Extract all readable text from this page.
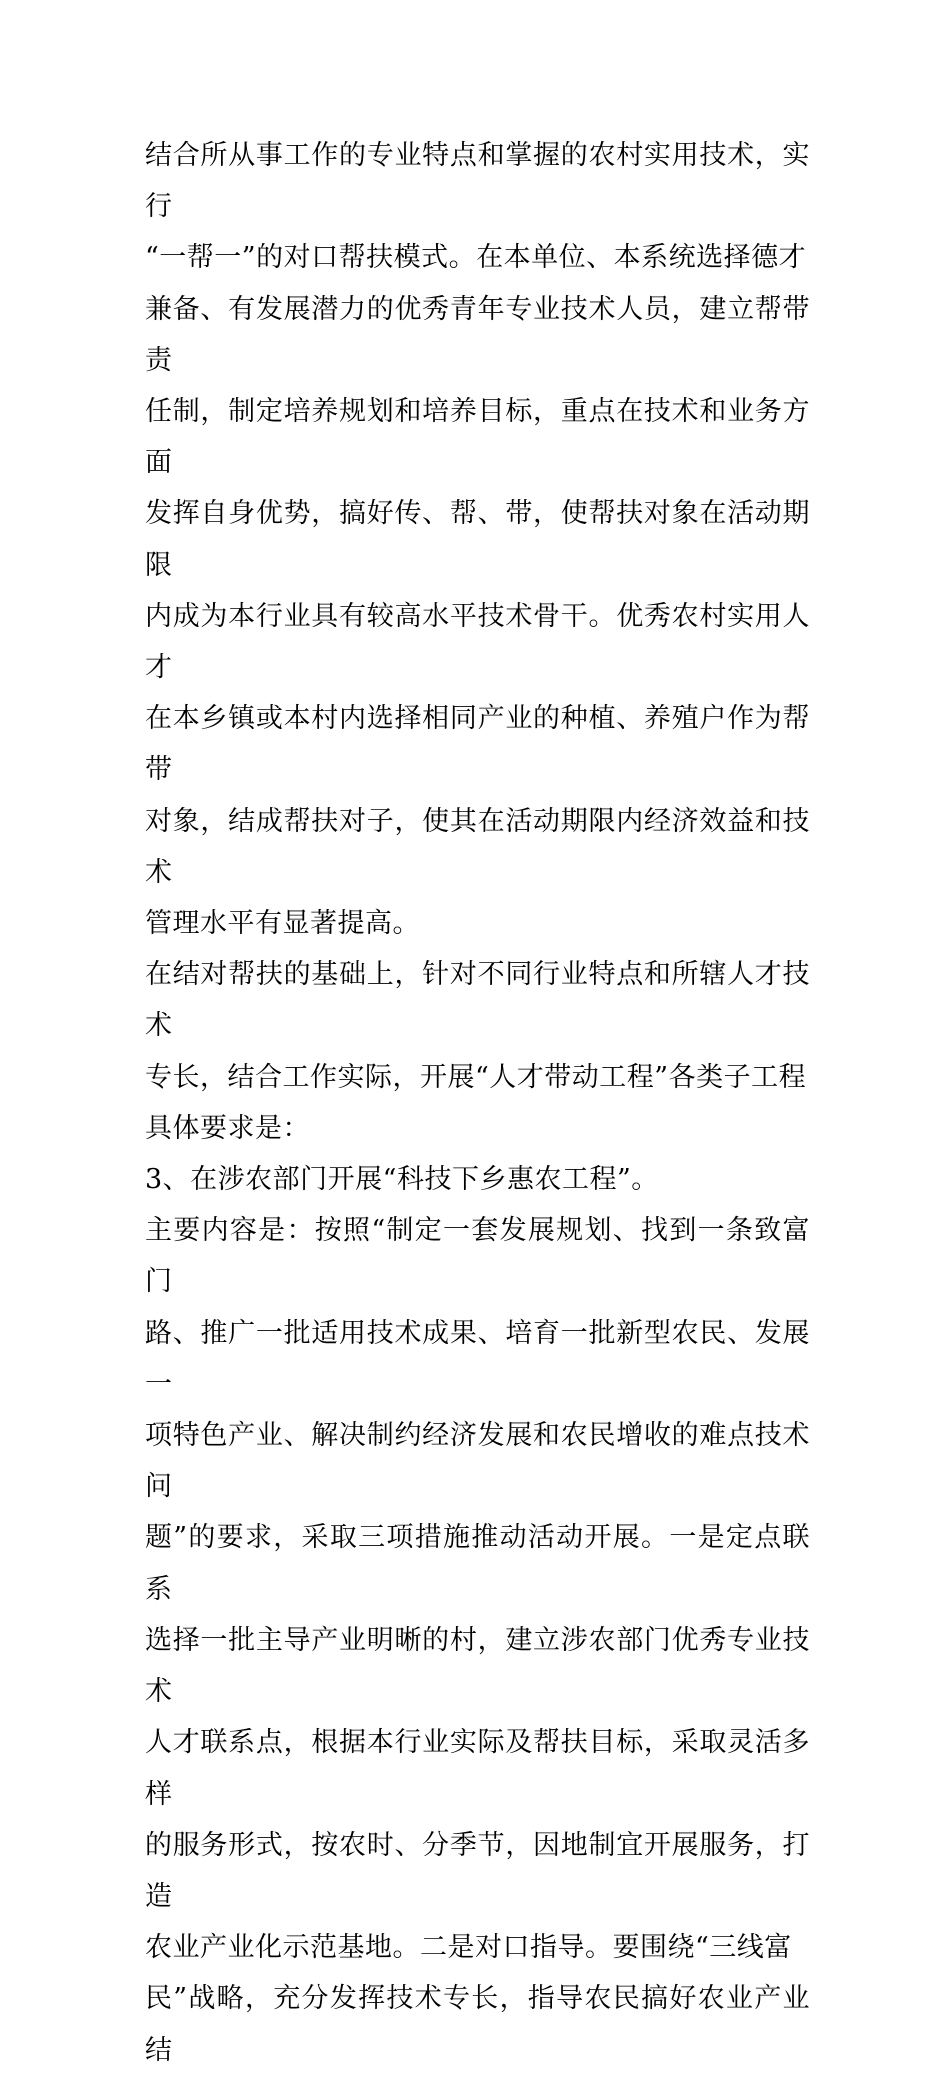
结合所从事工作的专业特点和掌握的农村实用技术，实行
“一帮一”的对口帮扶模式。在本单位、本系统选择德才
兼备、有发展潜力的优秀青年专业技术人员，建立帮带责
任制，制定培养规划和培养目标，重点在技术和业务方面
发挥自身优势，搞好传、帮、带，使帮扶对象在活动期限
内成为本行业具有较高水平技术骨干。优秀农村实用人才
在本乡镇或本村内选择相同产业的种植、养殖户作为帮带
对象，结成帮扶对子，使其在活动期限内经济效益和技术
管理水平有显著提高。

在结对帮扶的基础上，针对不同行业特点和所辖人才技术
专长，结合工作实际，开展“人才带动工程”各类子工程
具体要求是：

3、在涉农部门开展“科技下乡惠农工程”。

主要内容是：按照“制定一套发展规划、找到一条致富门
路、推广一批适用技术成果、培育一批新型农民、发展一
项特色产业、解决制约经济发展和农民增收的难点技术问
题”的要求，采取三项措施推动活动开展。一是定点联系
选择一批主导产业明晰的村，建立涉农部门优秀专业技术
人才联系点，根据本行业实际及帮扶目标，采取灵活多样
的服务形式，按农时、分季节，因地制宜开展服务，打造
农业产业化示范基地。二是对口指导。要围绕“三线富
民”战略，充分发挥技术专长，指导农民搞好农业产业结
